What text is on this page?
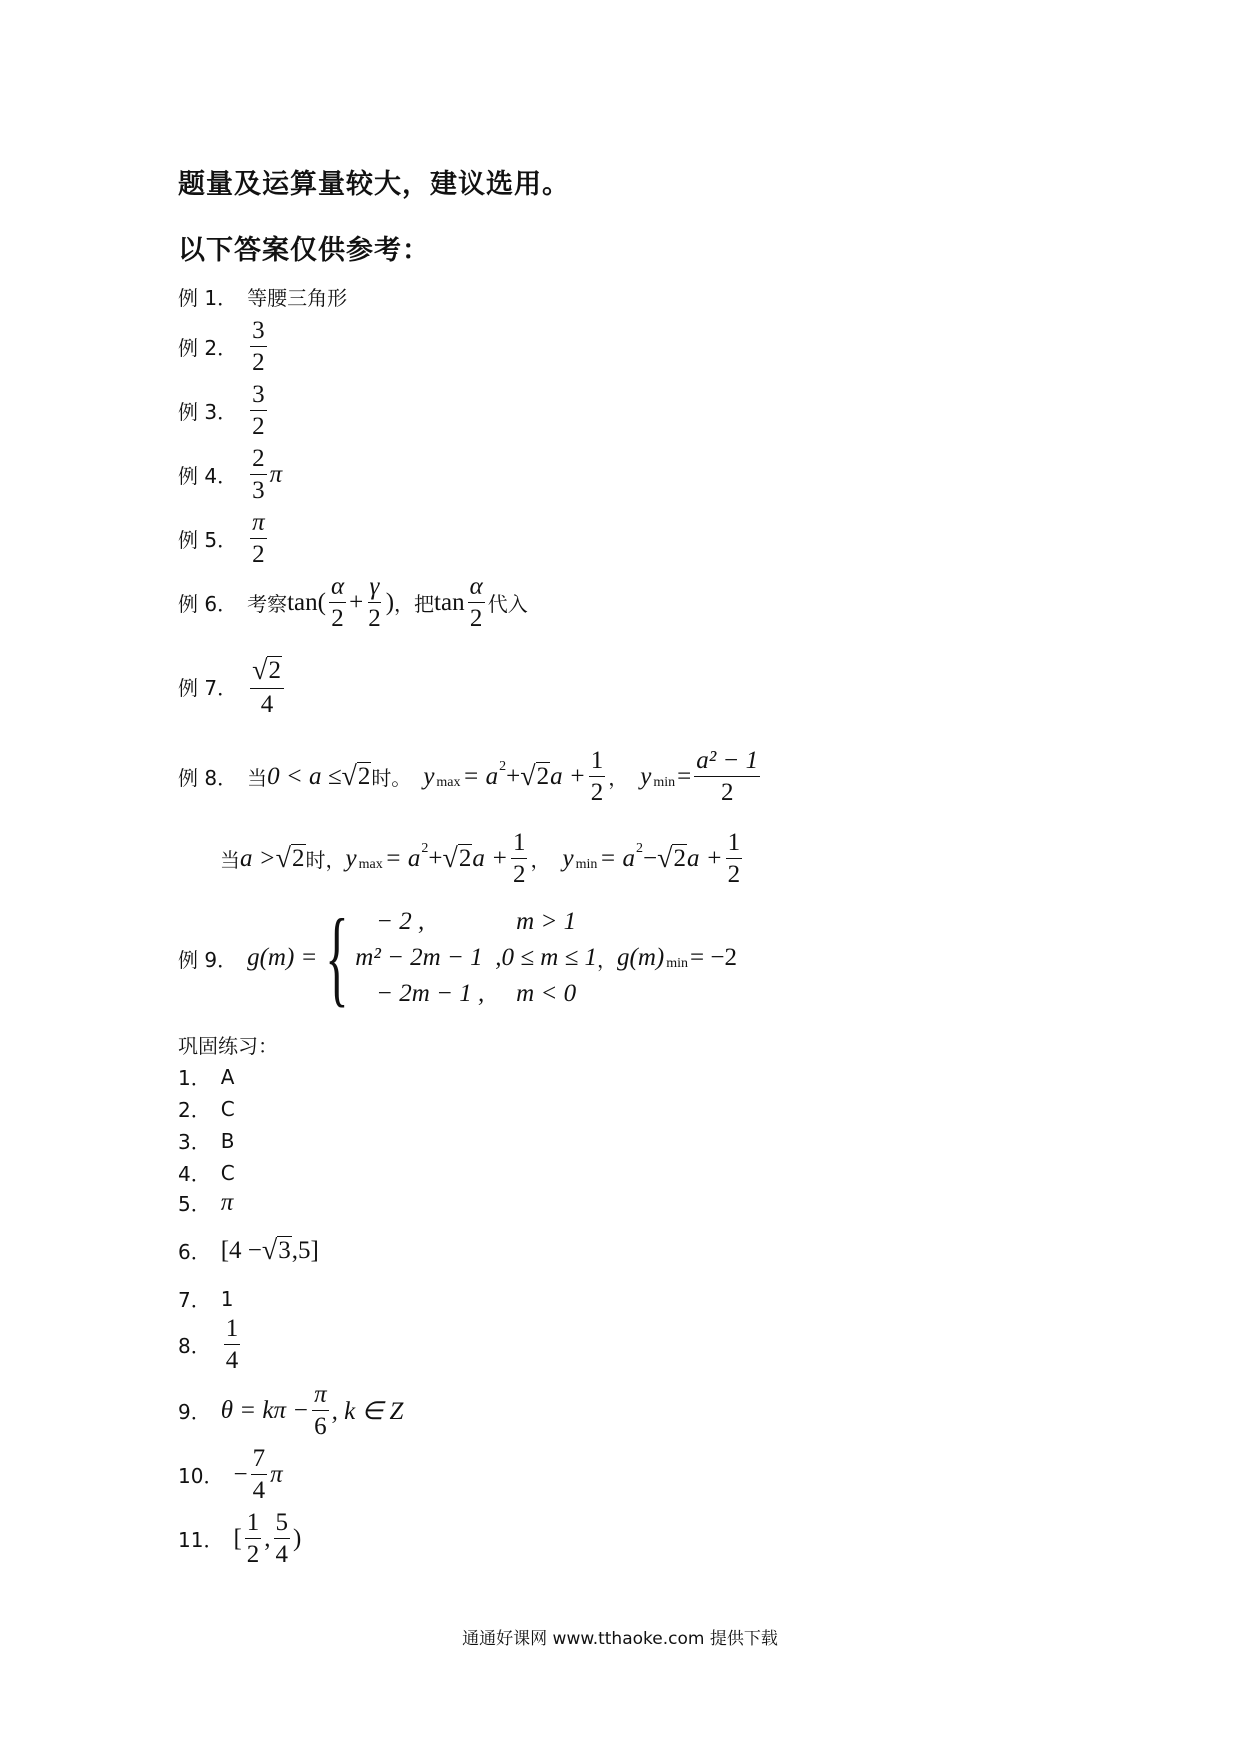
题量及运算量较大，建议选用。
以下答案仅供参考：
例 1． 等腰三角形
例 2． $\frac{3}{2}$
例 3． $\frac{3}{2}$
例 4． $\frac{2}{3}$ π
例 5． $\frac{\pi}{2}$
例 6． 考察 $\tan( \frac{\alpha}{2} + \frac{\gamma}{2}$ ) ，把 $\tan \frac{\alpha}{2}$ 代入
例 7． $\frac{√ 2}{4}$
例 8． 当 0 < a ≤ √ 2 时。 y max = a 2 + √ 2 $a + \frac{1}{2}$ ， y $\min = \frac{\text{a² − 1}}{2}$
当 a > √ 2 时， y max = a 2 + √ 2 $a + \frac{1}{2}$ ， y min = a 2 − √ 2 $a + \frac{1}{2}$
例 9． g(m) = { − 2 ,	m > 1
m² − 2m − 1 ,0 ≤ m ≤ 1
− 2m − 1 ,	m < 0
， g(m) min = −2
巩固练习：
1． A
2． C
3． B
4． C
5． π
6． [4 − √ 3 ,5]
7． 1
8． $\frac{1}{4}$
9． $\theta = k\pi - \frac{\pi}{6}$ , k ∈ Z
10． − $\frac{7}{4}$ π
11． [ $\frac{1}{2}$ , $\frac{5}{4}$ )
通通好课网 www.tthaoke.com 提供下载
